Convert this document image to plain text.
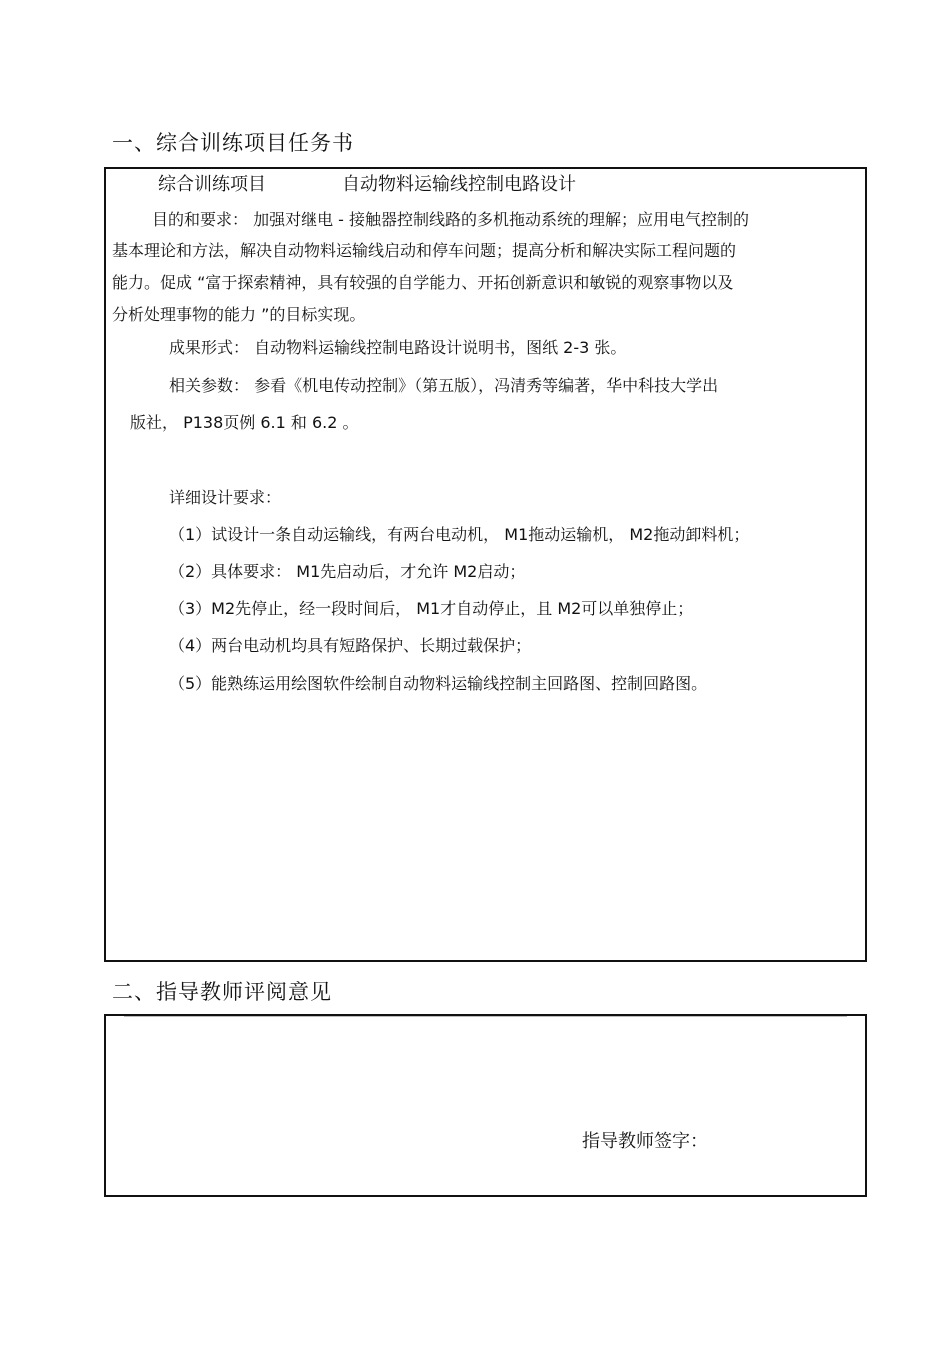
一、综合训练项目任务书
综合训练项目	自动物料运输线控制电路设计
目的和要求： 加强对继电 - 接触器控制线路的多机拖动系统的理解；应用电气控制的
基本理论和方法，解决自动物料运输线启动和停车问题；提高分析和解决实际工程问题的
能力。促成 “富于探索精神，具有较强的自学能力、开拓创新意识和敏锐的观察事物以及
分析处理事物的能力 ”的目标实现。
成果形式： 自动物料运输线控制电路设计说明书，图纸 2-3 张。
相关参数： 参看《机电传动控制》（第五版），冯清秀等编著，华中科技大学出
版社， P138页例 6.1 和 6.2 。
详细设计要求：
（1）试设计一条自动运输线，有两台电动机， M1拖动运输机， M2拖动卸料机；
（2）具体要求： M1先启动后，才允许 M2启动；
（3）M2先停止，经一段时间后， M1才自动停止，且 M2可以单独停止；
（4）两台电动机均具有短路保护、长期过载保护；
（5）能熟练运用绘图软件绘制自动物料运输线控制主回路图、控制回路图。
二、指导教师评阅意见
指导教师签字：
